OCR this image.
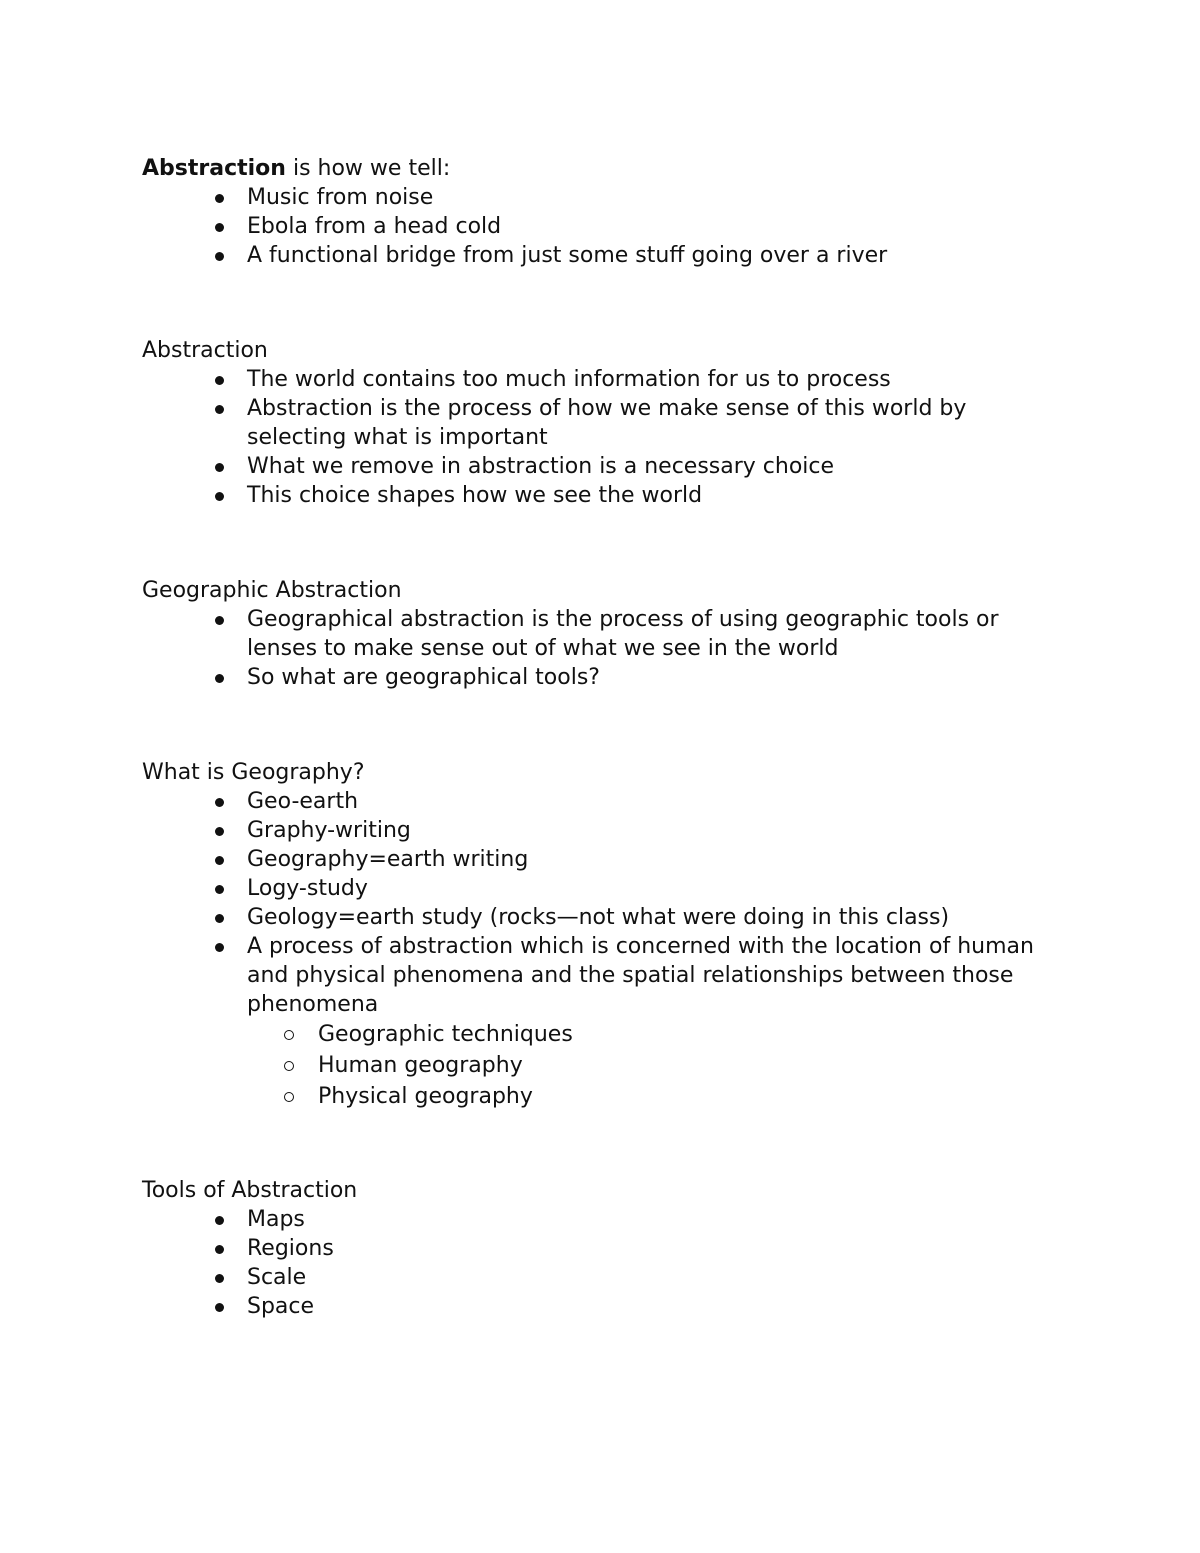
Abstraction is how we tell:

Music from noise
Ebola from a head cold
A functional bridge from just some stuff going over a river

Abstraction

The world contains too much information for us to process
Abstraction is the process of how we make sense of this world by selecting what is important
What we remove in abstraction is a necessary choice
This choice shapes how we see the world

Geographic Abstraction

Geographical abstraction is the process of using geographic tools or lenses to make sense out of what we see in the world
So what are geographical tools?

What is Geography?

Geo-earth
Graphy-writing
Geography=earth writing
Logy-study
Geology=earth study (rocks—not what were doing in this class)
A process of abstraction which is concerned with the location of human and physical phenomena and the spatial relationships between those phenomena
Geographic techniques
Human geography
Physical geography

Tools of Abstraction

Maps
Regions
Scale
Space
